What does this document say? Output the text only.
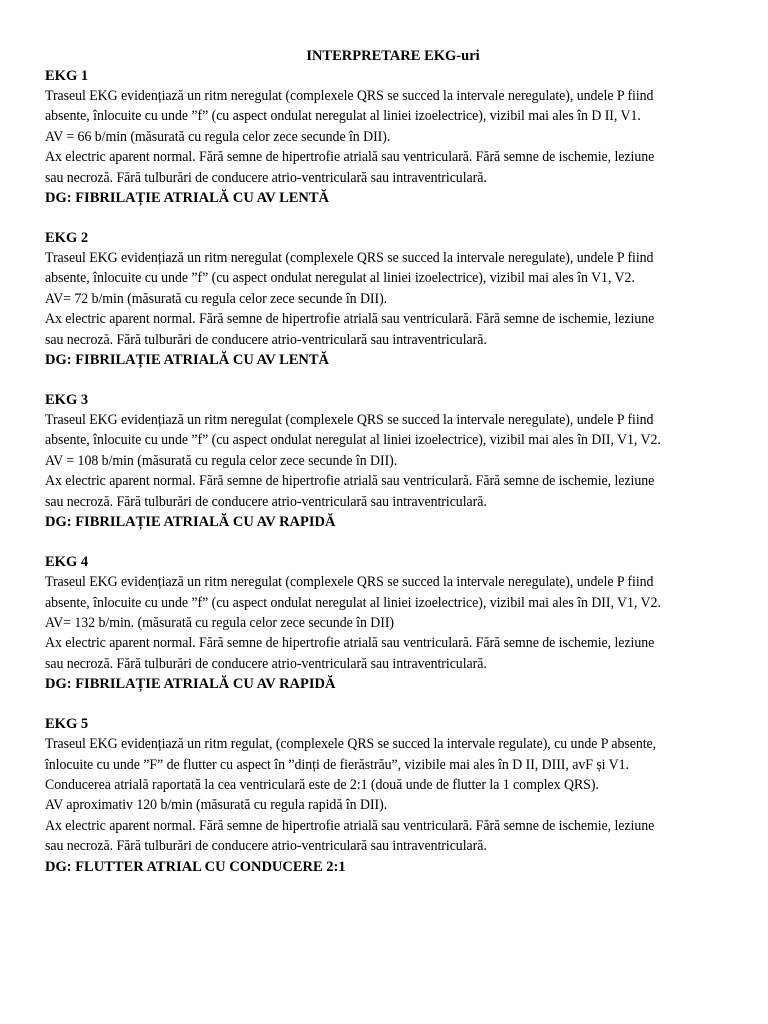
INTERPRETARE EKG-uri
EKG 1
Traseul EKG evidențiază un ritm neregulat (complexele QRS se succed la intervale neregulate), undele P fiind
absente, înlocuite cu unde ”f” (cu aspect ondulat neregulat al liniei izoelectrice), vizibil mai ales în D II, V1.
AV = 66 b/min (măsurată cu regula celor zece secunde în DII).
Ax electric aparent normal. Fără semne de hipertrofie atrială sau ventriculară. Fără semne de ischemie, leziune
sau necroză. Fără tulburări de conducere atrio-ventriculară sau intraventriculară.
DG: FIBRILAȚIE ATRIALĂ CU AV LENTĂ
EKG 2
Traseul EKG evidențiază un ritm neregulat (complexele QRS se succed la intervale neregulate), undele P fiind
absente, înlocuite cu unde ”f” (cu aspect ondulat neregulat al liniei izoelectrice), vizibil mai ales în V1, V2.
AV= 72 b/min (măsurată cu regula celor zece secunde în DII).
Ax electric aparent normal. Fără semne de hipertrofie atrială sau ventriculară. Fără semne de ischemie, leziune
sau necroză. Fără tulburări de conducere atrio-ventriculară sau intraventriculară.
DG: FIBRILAȚIE ATRIALĂ CU AV LENTĂ
EKG 3
Traseul EKG evidențiază un ritm neregulat (complexele QRS se succed la intervale neregulate), undele P fiind
absente, înlocuite cu unde ”f” (cu aspect ondulat neregulat al liniei izoelectrice), vizibil mai ales în DII, V1, V2.
AV = 108 b/min (măsurată cu regula celor zece secunde în DII).
Ax electric aparent normal. Fără semne de hipertrofie atrială sau ventriculară. Fără semne de ischemie, leziune
sau necroză. Fără tulburări de conducere atrio-ventriculară sau intraventriculară.
DG: FIBRILAȚIE ATRIALĂ CU AV RAPIDĂ
EKG 4
Traseul EKG evidențiază un ritm neregulat (complexele QRS se succed la intervale neregulate), undele P fiind
absente, înlocuite cu unde ”f” (cu aspect ondulat neregulat al liniei izoelectrice), vizibil mai ales în DII, V1, V2.
AV= 132 b/min. (măsurată cu regula celor zece secunde în DII)
Ax electric aparent normal. Fără semne de hipertrofie atrială sau ventriculară. Fără semne de ischemie, leziune
sau necroză. Fără tulburări de conducere atrio-ventriculară sau intraventriculară.
DG: FIBRILAȚIE ATRIALĂ CU AV RAPIDĂ
EKG 5
Traseul EKG evidențiază un ritm regulat, (complexele QRS se succed la intervale regulate), cu unde P absente,
înlocuite cu unde ”F” de flutter cu aspect în ”dinți de fierăstrău”, vizibile mai ales în D II, DIII, avF și V1.
Conducerea atrială raportată la cea ventriculară este de 2:1 (două unde de flutter la 1 complex QRS).
AV aproximativ 120 b/min (măsurată cu regula rapidă în DII).
Ax electric aparent normal. Fără semne de hipertrofie atrială sau ventriculară. Fără semne de ischemie, leziune
sau necroză. Fără tulburări de conducere atrio-ventriculară sau intraventriculară.
DG: FLUTTER ATRIAL CU CONDUCERE 2:1
